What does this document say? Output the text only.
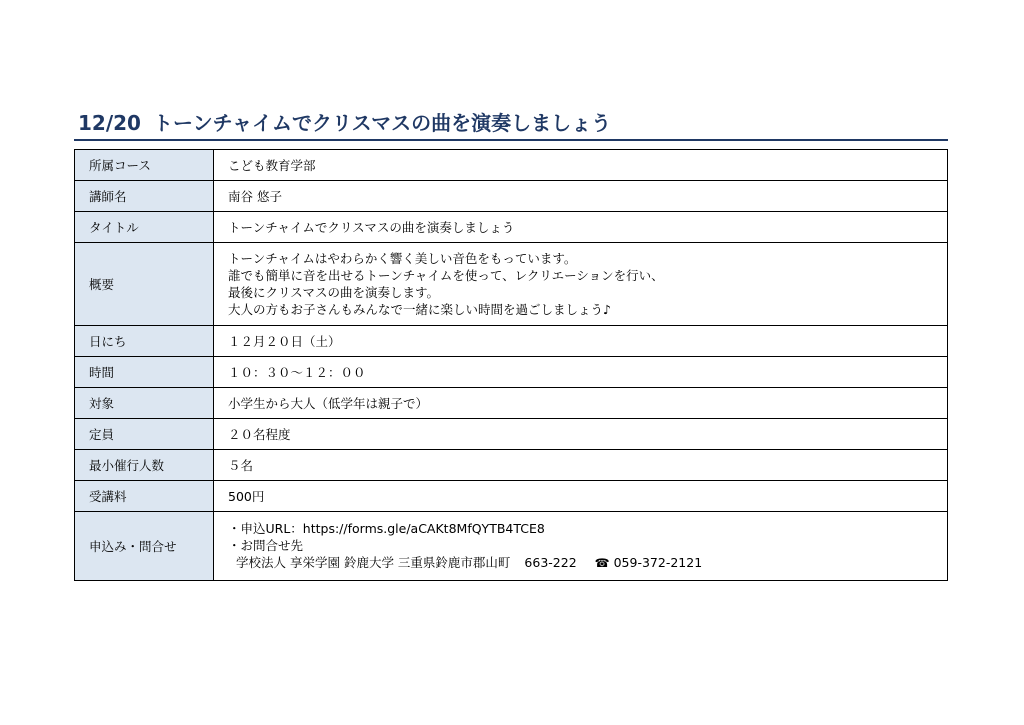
12/20 トーンチャイムでクリスマスの曲を演奏しましょう
所属コース	こども教育学部
講師名	南谷 悠子
タイトル	トーンチャイムでクリスマスの曲を演奏しましょう
概要	トーンチャイムはやわらかく響く美しい音色をもっています。
誰でも簡単に音を出せるトーンチャイムを使って、レクリエーションを行い、
最後にクリスマスの曲を演奏します。
大人の方もお子さんもみんなで一緒に楽しい時間を過ごしましょう♪

日にち	１２月２０日（土）
時間	１０：３０～１２：００
対象	小学生から大人（低学年は親子で）
定員	２０名程度
最小催行人数	５名
受講料	500円
申込み・問合せ	・申込URL：https://forms.gle/aCAKt8MfQYTB4TCE8
・お問合せ先
学校法人 享栄学園 鈴鹿大学 三重県鈴鹿市郡山町 663-222 ☎ 059-372-2121
